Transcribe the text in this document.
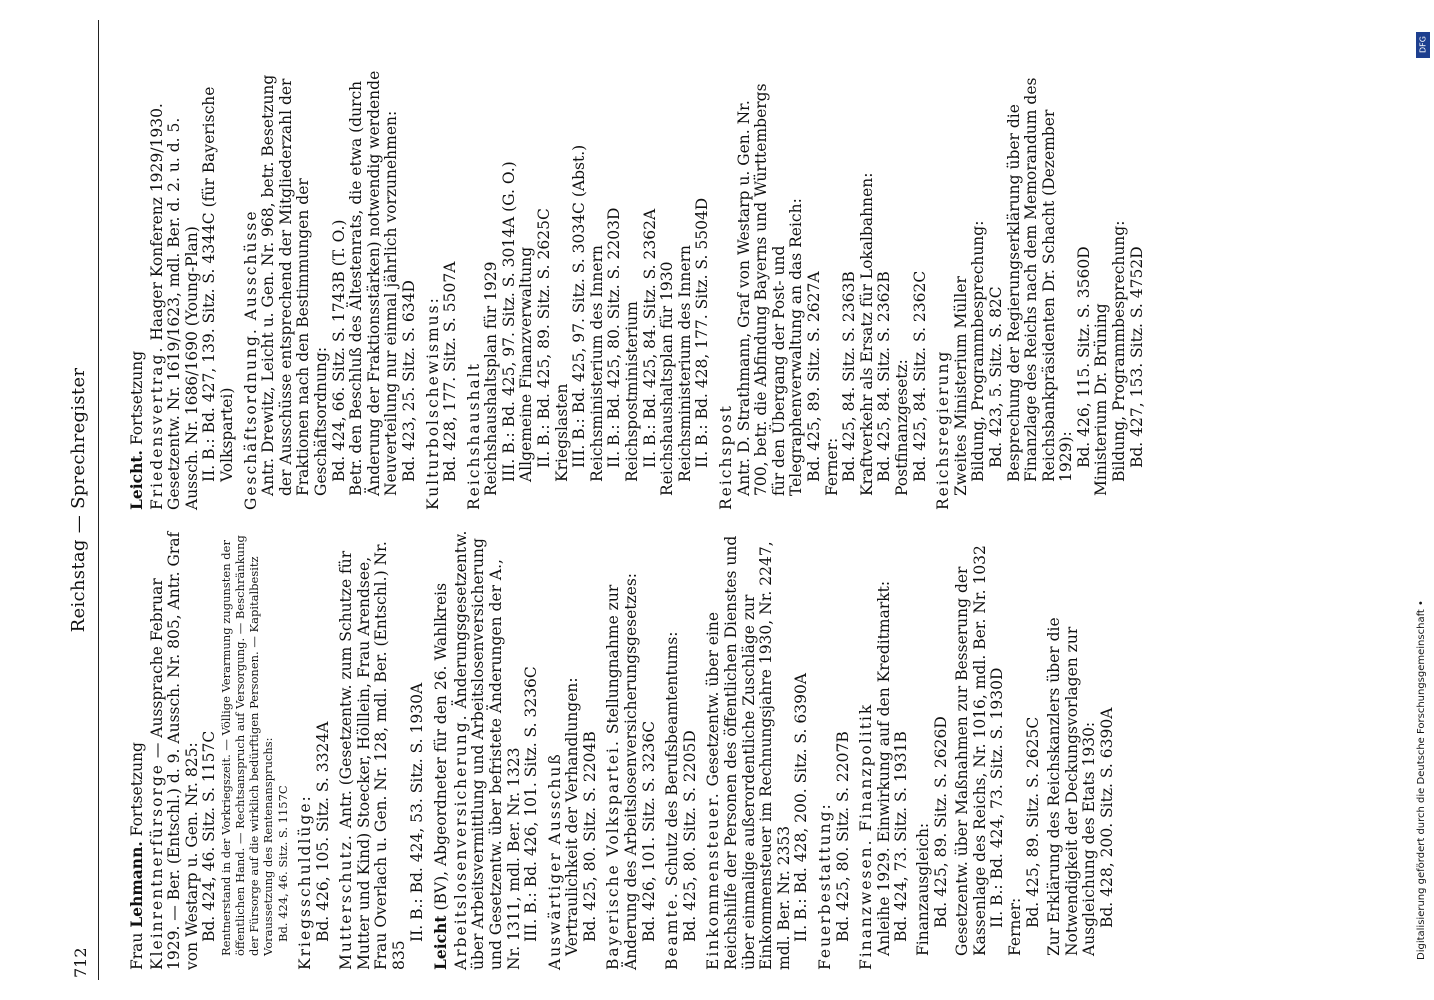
712
Reichstag — Sprechregister
Frau Lehmann. Fortsetzung Kleinrentnerfürsorge — Aussprache Februar 1929. — Ber. (Entschl.) d. 9. Aussch. Nr. 805, Antr. Graf von Westarp u. Gen. Nr. 825: Bd. 424, 46. Sitz. S. 1157C Rentnerstand in der Vorkriegszeit. — Völlige Verarmung zugunsten der öffentlichen Hand. — Rechtsanspruch auf Versorgung. — Beschränkung der Fürsorge auf die wirklich bedürftigen Personen. — Kapitalbesitz Voraussetzung des Rentenanspruchs: Bd. 424, 46. Sitz. S. 1157C Kriegsschuldlüge: Bd. 426, 105. Sitz. S. 3324A Mutterschutz. Antr. (Gesetzentw. zum Schutze für Mutter und Kind) Stoecker, Hölllein, Frau Arendsee, Frau Overlach u. Gen. Nr. 128, mdl. Ber. (Entschl.) Nr. 835
II. B.: Bd. 424, 53. Sitz. S. 1930A
Leicht (BV), Abgeordneter für den 26. Wahlkreis Arbeitslosenversicherung. Änderungsgesetzentw. über Arbeitsvermittlung und Arbeitslosenversicherung und Gesetzentw. über befristete Änderungen der A., Nr. 1311, mdl. Ber. Nr. 1323 III. B.: Bd. 426, 101. Sitz. S. 3236C Auswärtiger Ausschuß Vertraulichkeit der Verhandlungen: Bd. 425, 80. Sitz. S. 2204B Bayerische Volkspartei. Stellungnahme zur Änderung des Arbeitslosenversicherungsgesetzes: Bd. 426, 101. Sitz. S. 3236C Beamte. Schutz des Berufsbeamtentums: Bd. 425, 80. Sitz. S. 2205D Einkommensteuer. Gesetzentw. über eine Reichshilfe der Personen des öffentlichen Dienstes und über einmalige außerordentliche Zuschläge zur Einkommensteuer im Rechnungsjahre 1930, Nr. 2247, mdl. Ber. Nr. 2353 II. B.: Bd. 428, 200. Sitz. S. 6390A Feuerbestattung: Bd. 425, 80. Sitz. S. 2207B Finanzwesen. Finanzpolitik Anleihe 1929. Einwirkung auf den Kreditmarkt: Bd. 424, 73. Sitz. S. 1931B Finanzausgleich: Bd. 425, 89. Sitz. S. 2626D Gesetzentw. über Maßnahmen zur Besserung der Kassenlage des Reichs, Nr. 1016, mdl. Ber. Nr. 1032 II. B.: Bd. 424, 73. Sitz. S. 1930D Ferner: Bd. 425, 89. Sitz. S. 2625C Zur Erklärung des Reichskanzlers über die Notwendigkeit der Deckungsvorlagen zur Ausgleichung des Etats 1930: Bd. 428, 200. Sitz. S. 6390A
Leicht. Fortsetzung Friedensvertrag. Haager Konferenz 1929/1930. Gesetzentw. Nr. 1619/1623, mdl. Ber. d. 2. u. d. 5. Aussch. Nr. 1686/1690 (Young-Plan) II. B.: Bd. 427, 139. Sitz. S. 4344C (für Bayerische Volkspartei) Geschäftsordnung. Ausschüsse Antr. Drewitz, Leicht u. Gen. Nr. 968, betr. Besetzung der Ausschüsse entsprechend der Mitgliederzahl der Fraktionen nach den Bestimmungen der Geschäftsordnung: Bd. 424, 66. Sitz. S. 1743B (T. O.) Betr. den Beschluß des Ältestenrats, die etwa (durch Änderung der Fraktionsstärken) notwendig werdende Neuverteilung nur einmal jährlich vorzunehmen: Bd. 423, 25. Sitz. S. 634D Kulturbolschewismus: Bd. 428, 177. Sitz. S. 5507A Reichshaushalt Reichshaushaltsplan für 1929 III. B.: Bd. 425, 97. Sitz. S. 3014A (G. O.) Allgemeine Finanzverwaltung II. B.: Bd. 425, 89. Sitz. S. 2625C Kriegslasten III. B.: Bd. 425, 97. Sitz. S. 3034C (Abst.) Reichsministerium des Innern II. B.: Bd. 425, 80. Sitz. S. 2203D Reichspostministerium II. B.: Bd. 425, 84. Sitz. S. 2362A Reichshaushaltsplan für 1930 Reichsministerium des Innern II. B.: Bd. 428, 177. Sitz. S. 5504D Reichspost Antr. D. Strathmann, Graf von Westarp u. Gen. Nr. 700, betr. die Abfindung Bayerns und Württembergs für den Übergang der Post- und Telegraphenverwaltung an das Reich: Bd. 425, 89. Sitz. S. 2627A Ferner: Bd. 425, 84. Sitz. S. 2363B Kraftverkehr als Ersatz für Lokalbahnen: Bd. 425, 84. Sitz. S. 2362B Postfinanzgesetz: Bd. 425, 84. Sitz. S. 2362C Reichsregierung Zweites Ministerium Müller Bildung, Programmbesprechung: Bd. 423, 5. Sitz. S. 82C Besprechung der Regierungserklärung über die Finanzlage des Reichs nach dem Memorandum des Reichsbankpräsidenten Dr. Schacht (Dezember 1929): Bd. 426, 115. Sitz. S. 3560D Ministerium Dr. Brüning Bildung, Programmbesprechung: Bd. 427, 153. Sitz. S. 4752D
Digitalisierung gefördert durch die Deutsche Forschungsgemeinschaft •
DFG
